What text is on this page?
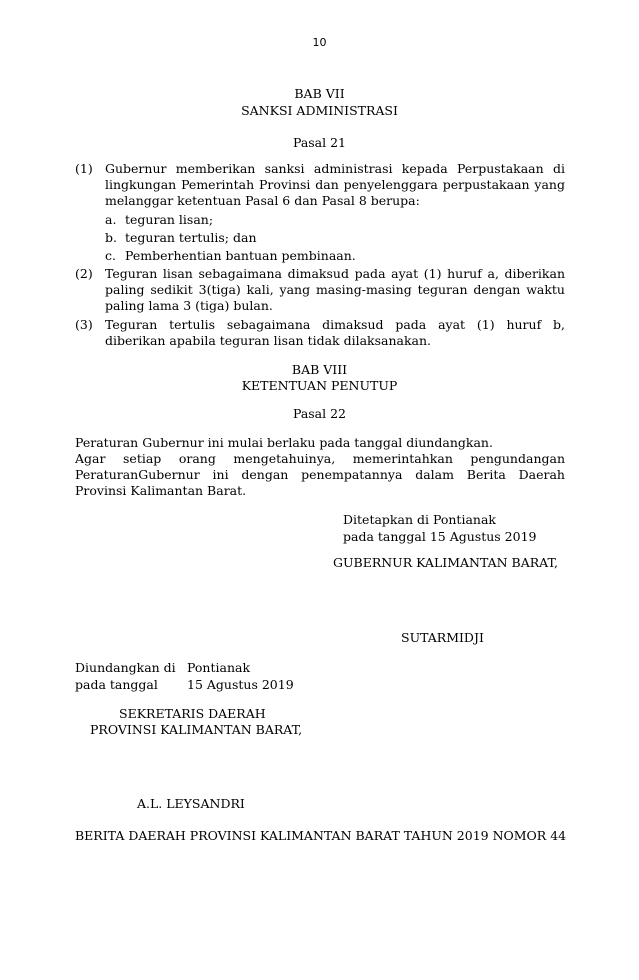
10
BAB VII
SANKSI ADMINISTRASI
Pasal 21
(1) Gubernur memberikan sanksi administrasi kepada Perpustakaan di lingkungan Pemerintah Provinsi dan penyelenggara perpustakaan yang melanggar ketentuan Pasal 6 dan Pasal 8 berupa:
a. teguran lisan;
b. teguran tertulis; dan
c. Pemberhentian bantuan pembinaan.
(2) Teguran lisan sebagaimana dimaksud pada ayat (1) huruf a, diberikan paling sedikit 3(tiga) kali, yang masing-masing teguran dengan waktu paling lama 3 (tiga) bulan.
(3) Teguran tertulis sebagaimana dimaksud pada ayat (1) huruf b, diberikan apabila teguran lisan tidak dilaksanakan.
BAB VIII
KETENTUAN PENUTUP
Pasal 22
Peraturan Gubernur ini mulai berlaku pada tanggal diundangkan.
Agar setiap orang mengetahuinya, memerintahkan pengundangan PeraturanGubernur ini dengan penempatannya dalam Berita Daerah Provinsi Kalimantan Barat.
Ditetapkan di Pontianak
pada tanggal 15 Agustus 2019
GUBERNUR KALIMANTAN BARAT,
SUTARMIDJI
Diundangkan di Pontianak
pada tanggal 15 Agustus 2019
SEKRETARIS DAERAH
PROVINSI KALIMANTAN BARAT,
A.L. LEYSANDRI
BERITA DAERAH PROVINSI KALIMANTAN BARAT TAHUN 2019 NOMOR 44
